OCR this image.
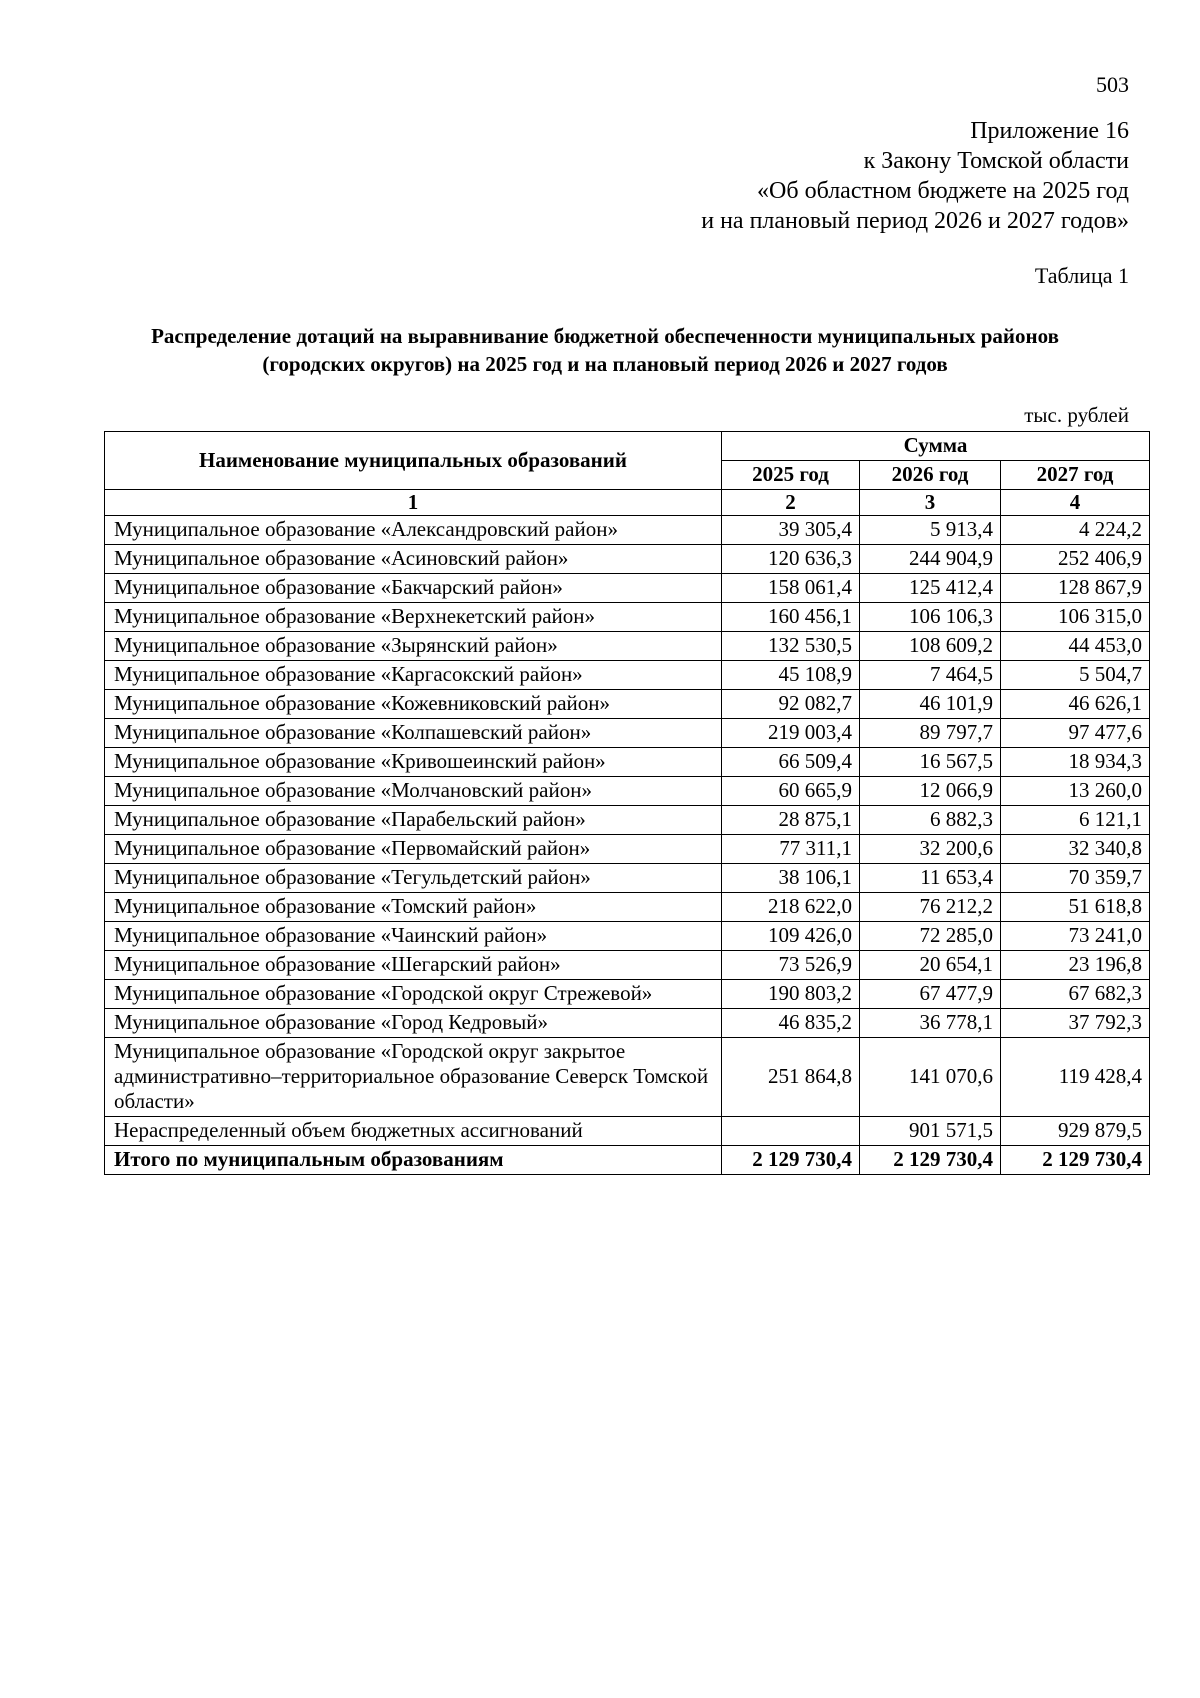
503
Приложение 16
к Закону Томской области
«Об областном бюджете на 2025 год
и на плановый период 2026 и 2027 годов»
Таблица 1
Распределение дотаций на выравнивание бюджетной обеспеченности муниципальных районов (городских округов) на 2025 год и на плановый период 2026 и 2027 годов
тыс. рублей
Наименование муниципальных образований	Сумма		
	2025 год	2026 год	2027 год
1	2	3	4
Муниципальное образование «Александровский район»	39 305,4	5 913,4	4 224,2
Муниципальное образование «Асиновский район»	120 636,3	244 904,9	252 406,9
Муниципальное образование «Бакчарский район»	158 061,4	125 412,4	128 867,9
Муниципальное образование «Верхнекетский район»	160 456,1	106 106,3	106 315,0
Муниципальное образование «Зырянский район»	132 530,5	108 609,2	44 453,0
Муниципальное образование «Каргасокский район»	45 108,9	7 464,5	5 504,7
Муниципальное образование «Кожевниковский район»	92 082,7	46 101,9	46 626,1
Муниципальное образование «Колпашевский район»	219 003,4	89 797,7	97 477,6
Муниципальное образование «Кривошеинский район»	66 509,4	16 567,5	18 934,3
Муниципальное образование «Молчановский район»	60 665,9	12 066,9	13 260,0
Муниципальное образование «Парабельский район»	28 875,1	6 882,3	6 121,1
Муниципальное образование «Первомайский район»	77 311,1	32 200,6	32 340,8
Муниципальное образование «Тегульдетский район»	38 106,1	11 653,4	70 359,7
Муниципальное образование «Томский район»	218 622,0	76 212,2	51 618,8
Муниципальное образование «Чаинский район»	109 426,0	72 285,0	73 241,0
Муниципальное образование «Шегарский район»	73 526,9	20 654,1	23 196,8
Муниципальное образование «Городской округ Стрежевой»	190 803,2	67 477,9	67 682,3
Муниципальное образование «Город Кедровый»	46 835,2	36 778,1	37 792,3
Муниципальное образование «Городской округ закрытое административно–территориальное образование Северск Томской области»	251 864,8	141 070,6	119 428,4
Нераспределенный объем бюджетных ассигнований		901 571,5	929 879,5
Итого по муниципальным образованиям	2 129 730,4	2 129 730,4	2 129 730,4
